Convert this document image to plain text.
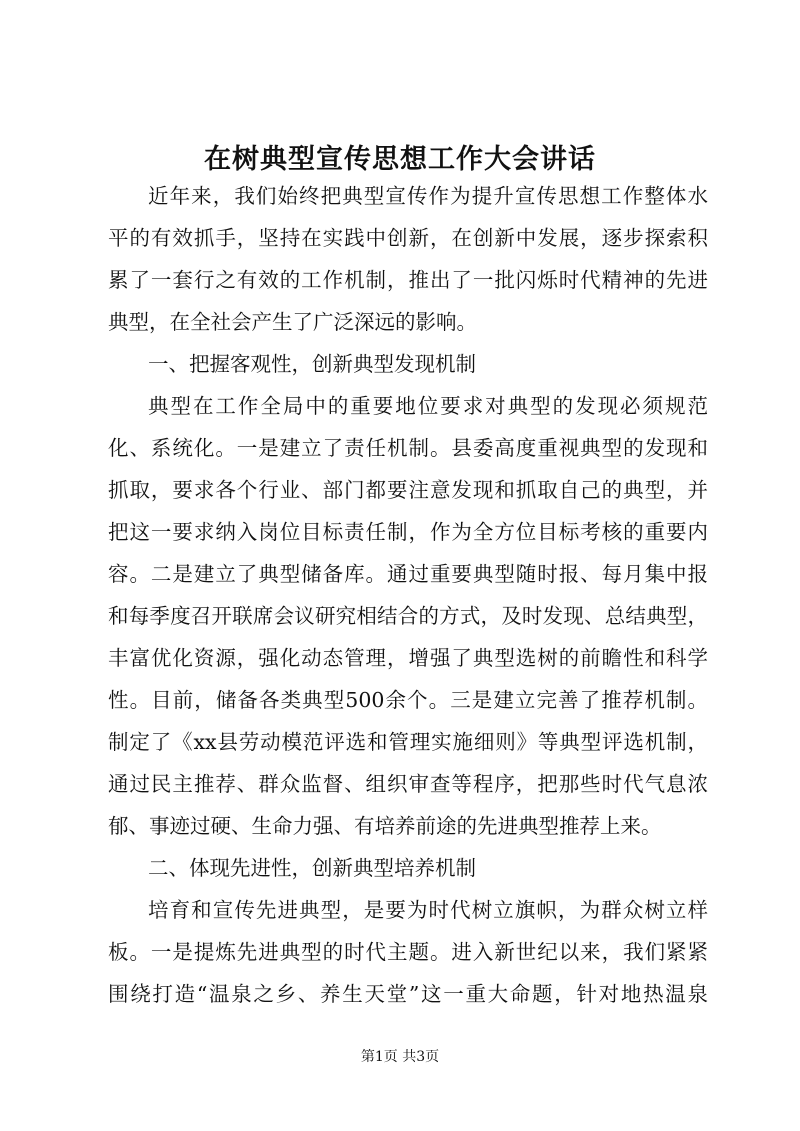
在树典型宣传思想工作大会讲话
近年来，我们始终把典型宣传作为提升宣传思想工作整体水
平的有效抓手，坚持在实践中创新，在创新中发展，逐步探索积
累了一套行之有效的工作机制，推出了一批闪烁时代精神的先进
典型，在全社会产生了广泛深远的影响。
一、把握客观性，创新典型发现机制
典型在工作全局中的重要地位要求对典型的发现必须规范
化、系统化。一是建立了责任机制。县委高度重视典型的发现和
抓取，要求各个行业、部门都要注意发现和抓取自己的典型，并
把这一要求纳入岗位目标责任制，作为全方位目标考核的重要内
容。二是建立了典型储备库。通过重要典型随时报、每月集中报
和每季度召开联席会议研究相结合的方式，及时发现、总结典型，
丰富优化资源，强化动态管理，增强了典型选树的前瞻性和科学
性。目前，储备各类典型500余个。三是建立完善了推荐机制。
制定了《xx县劳动模范评选和管理实施细则》等典型评选机制，
通过民主推荐、群众监督、组织审查等程序，把那些时代气息浓
郁、事迹过硬、生命力强、有培养前途的先进典型推荐上来。
二、体现先进性，创新典型培养机制
培育和宣传先进典型，是要为时代树立旗帜，为群众树立样
板。一是提炼先进典型的时代主题。进入新世纪以来，我们紧紧
围绕打造“温泉之乡、养生天堂”这一重大命题，针对地热温泉
第1页 共3页
